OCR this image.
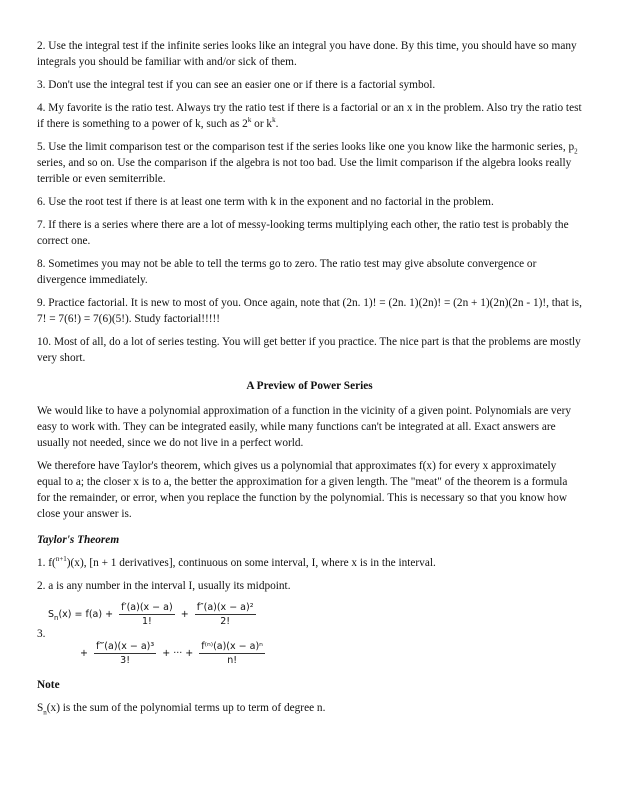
2. Use the integral test if the infinite series looks like an integral you have done. By this time, you should have so many integrals you should be familiar with and/or sick of them.

3. Don't use the integral test if you can see an easier one or if there is a factorial symbol.

4. My favorite is the ratio test. Always try the ratio test if there is a factorial or an x in the problem. Also try the ratio test if there is something to a power of k, such as 2$^k$ or $k^k$.

5. Use the limit comparison test or the comparison test if the series looks like one you know like the harmonic series, $p_2$ series, and so on. Use the comparison if the algebra is not too bad. Use the limit comparison if the algebra looks really terrible or even semiterrible.

6. Use the root test if there is at least one term with k in the exponent and no factorial in the problem.

7. If there is a series where there are a lot of messy-looking terms multiplying each other, the ratio test is probably the correct one.

8. Sometimes you may not be able to tell the terms go to zero. The ratio test may give absolute convergence or divergence immediately.

9. Practice factorial. It is new to most of you. Once again, note that (2n. 1)! = (2n. 1)(2n)! = (2n + 1)(2n)(2n - 1)!, that is, 7! = 7(6!) = 7(6)(5!). Study factorial!!!!!

10. Most of all, do a lot of series testing. You will get better if you practice. The nice part is that the problems are mostly very short.

A Preview of Power Series

We would like to have a polynomial approximation of a function in the vicinity of a given point. Polynomials are very easy to work with. They can be integrated easily, while many functions can't be integrated at all. Exact answers are usually not needed, since we do not live in a perfect world.

We therefore have Taylor's theorem, which gives us a polynomial that approximates f(x) for every x approximately equal to a; the closer x is to a, the better the approximation for a given length. The "meat" of the theorem is a formula for the remainder, or error, when you replace the function by the polynomial. This is necessary so that you know how close your answer is.

Taylor's Theorem

1. f($^{n+1}$)(x), [n + 1 derivatives], continuous on some interval, I, where x is in the interval.

2. a is any number in the interval I, usually its midpoint.

3.
$S_n(x) = f(a) + \frac{f'(a)(x - a)}{1!} + \frac{\text{f″(a)(x − a)²}}{2!}$
+ $\frac{\text{f‴(a)(x − a)³}}{3!}$ + ··· + $\frac{\text{f⁽ⁿ⁾(a)(x − a)ⁿ}}{n!}$

Note

$S_n(x)$ is the sum of the polynomial terms up to term of degree n.
